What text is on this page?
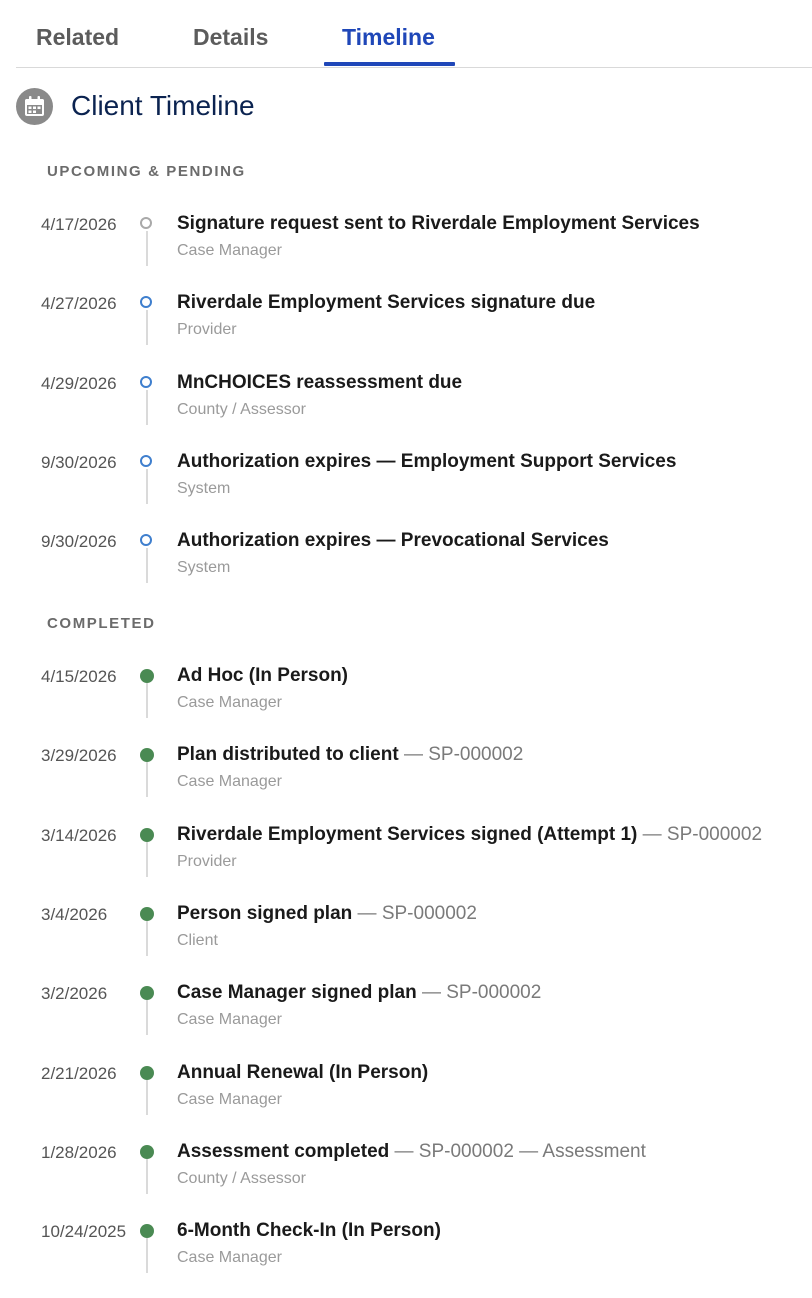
Related	Details	Timeline
Client Timeline
UPCOMING & PENDING
4/17/2026	Signature request sent to Riverdale Employment Services
Case Manager
4/27/2026	Riverdale Employment Services signature due
Provider
4/29/2026	MnCHOICES reassessment due
County / Assessor
9/30/2026	Authorization expires — Employment Support Services
System
9/30/2026	Authorization expires — Prevocational Services
System
COMPLETED
4/15/2026	Ad Hoc (In Person)
Case Manager
3/29/2026	Plan distributed to client — SP-000002
Case Manager
3/14/2026	Riverdale Employment Services signed (Attempt 1) — SP-000002
Provider
3/4/2026	Person signed plan — SP-000002
Client
3/2/2026	Case Manager signed plan — SP-000002
Case Manager
2/21/2026	Annual Renewal (In Person)
Case Manager
1/28/2026	Assessment completed — SP-000002 — Assessment
County / Assessor
10/24/2025	6-Month Check-In (In Person)
Case Manager
